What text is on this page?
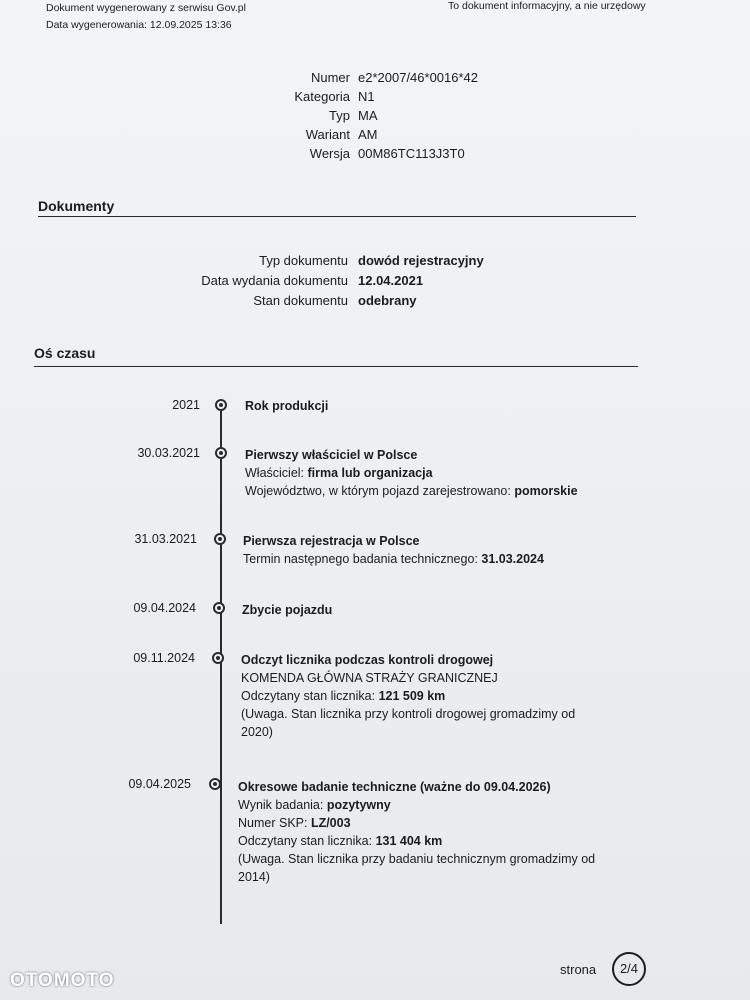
Dokument wygenerowany z serwisu Gov.pl
Data wygenerowania: 12.09.2025 13:36
To dokument informacyjny, a nie urzędowy
Numer e2*2007/46*0016*42
Kategoria N1
Typ MA
Wariant AM
Wersja 00M86TC113J3T0
Dokumenty
Typ dokumentu dowód rejestracyjny
Data wydania dokumentu 12.04.2021
Stan dokumentu odebrany
Oś czasu
2021	Rok produkcji
30.03.2021	Pierwszy właściciel w Polsce
Właściciel: firma lub organizacja
Województwo, w którym pojazd zarejestrowano: pomorskie
31.03.2021	Pierwsza rejestracja w Polsce
Termin następnego badania technicznego: 31.03.2024
09.04.2024	Zbycie pojazdu
09.11.2024	Odczyt licznika podczas kontroli drogowej
KOMENDA GŁÓWNA STRAŻY GRANICZNEJ
Odczytany stan licznika: 121 509 km
(Uwaga. Stan licznika przy kontroli drogowej gromadzimy od
2020)
09.04.2025	Okresowe badanie techniczne (ważne do 09.04.2026)
Wynik badania: pozytywny
Numer SKP: LZ/003
Odczytany stan licznika: 131 404 km
(Uwaga. Stan licznika przy badaniu technicznym gromadzimy od
2014)
OTOMOTO
strona	2/4
